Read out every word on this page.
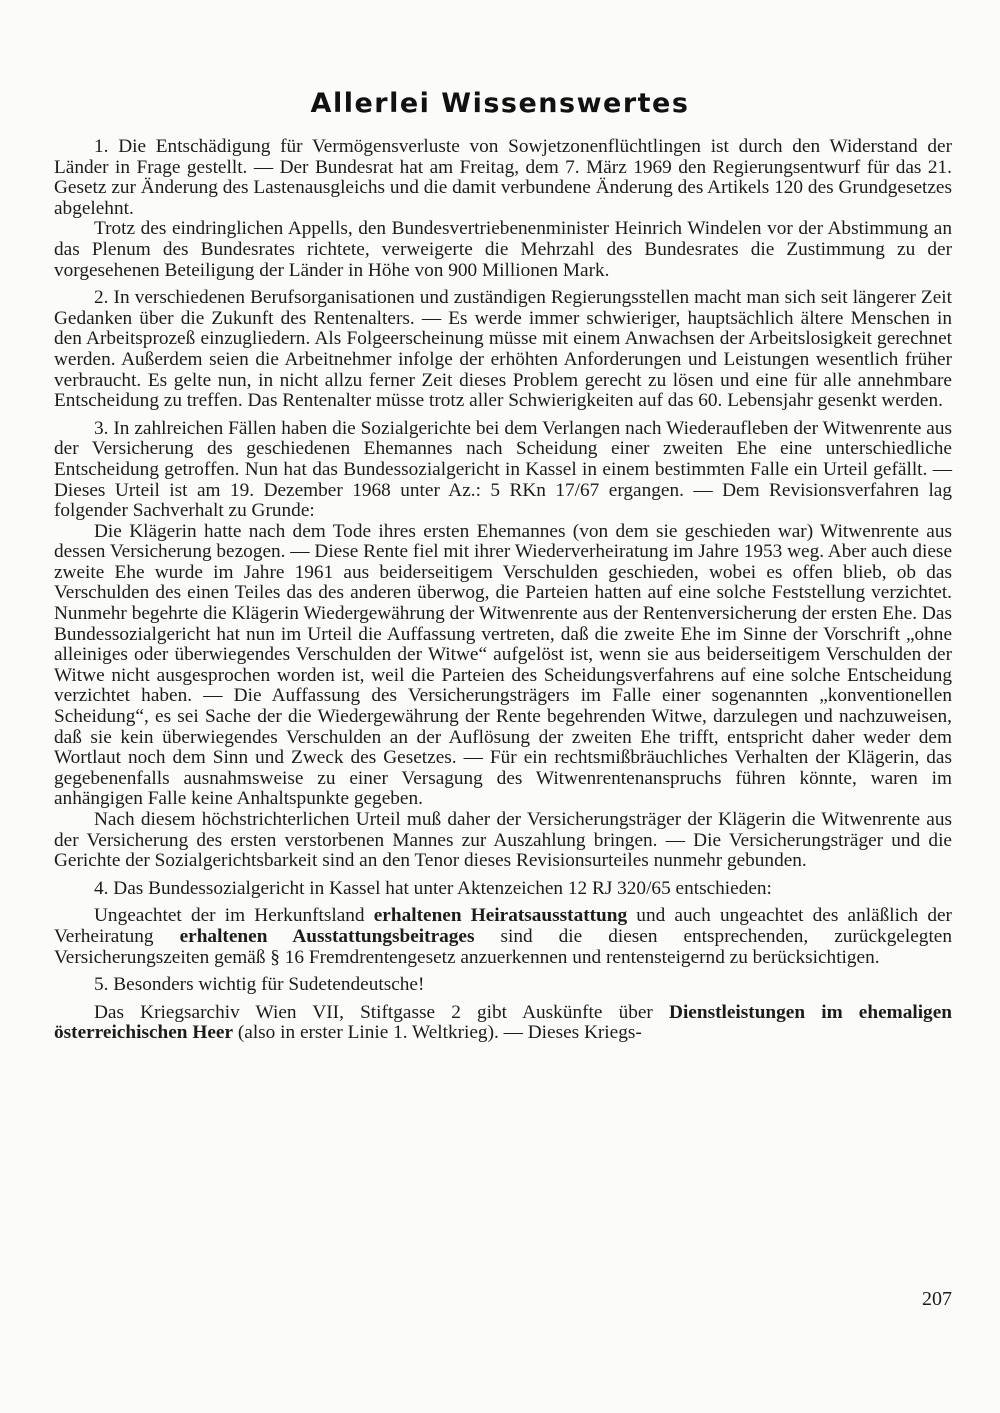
Allerlei Wissenswertes

1. Die Entschädigung für Vermögensverluste von Sowjetzonenflüchtlingen ist durch den Widerstand der Länder in Frage gestellt. — Der Bundesrat hat am Freitag, dem 7. März 1969 den Regierungsentwurf für das 21. Gesetz zur Änderung des Lastenausgleichs und die damit verbundene Änderung des Artikels 120 des Grundgesetzes abgelehnt.

Trotz des eindringlichen Appells, den Bundesvertriebenenminister Heinrich Windelen vor der Abstimmung an das Plenum des Bundesrates richtete, verweigerte die Mehrzahl des Bundesrates die Zustimmung zu der vorgesehenen Beteiligung der Länder in Höhe von 900 Millionen Mark.

2. In verschiedenen Berufsorganisationen und zuständigen Regierungsstellen macht man sich seit längerer Zeit Gedanken über die Zukunft des Rentenalters. — Es werde immer schwieriger, hauptsächlich ältere Menschen in den Arbeitsprozeß einzugliedern. Als Folgeerscheinung müsse mit einem Anwachsen der Arbeitslosigkeit gerechnet werden. Außerdem seien die Arbeitnehmer infolge der erhöhten Anforderungen und Leistungen wesentlich früher verbraucht. Es gelte nun, in nicht allzu ferner Zeit dieses Problem gerecht zu lösen und eine für alle annehmbare Entscheidung zu treffen. Das Rentenalter müsse trotz aller Schwierigkeiten auf das 60. Lebensjahr gesenkt werden.

3. In zahlreichen Fällen haben die Sozialgerichte bei dem Verlangen nach Wiederaufleben der Witwenrente aus der Versicherung des geschiedenen Ehemannes nach Scheidung einer zweiten Ehe eine unterschiedliche Entscheidung getroffen. Nun hat das Bundessozialgericht in Kassel in einem bestimmten Falle ein Urteil gefällt. — Dieses Urteil ist am 19. Dezember 1968 unter Az.: 5 RKn 17/67 ergangen. — Dem Revisionsverfahren lag folgender Sachverhalt zu Grunde:

Die Klägerin hatte nach dem Tode ihres ersten Ehemannes (von dem sie geschieden war) Witwenrente aus dessen Versicherung bezogen. — Diese Rente fiel mit ihrer Wiederverheiratung im Jahre 1953 weg. Aber auch diese zweite Ehe wurde im Jahre 1961 aus beiderseitigem Verschulden geschieden, wobei es offen blieb, ob das Verschulden des einen Teiles das des anderen überwog, die Parteien hatten auf eine solche Feststellung verzichtet. Nunmehr begehrte die Klägerin Wiedergewährung der Witwenrente aus der Rentenversicherung der ersten Ehe. Das Bundessozialgericht hat nun im Urteil die Auffassung vertreten, daß die zweite Ehe im Sinne der Vorschrift „ohne alleiniges oder überwiegendes Verschulden der Witwe“ aufgelöst ist, wenn sie aus beiderseitigem Verschulden der Witwe nicht ausgesprochen worden ist, weil die Parteien des Scheidungsverfahrens auf eine solche Entscheidung verzichtet haben. — Die Auffassung des Versicherungsträgers im Falle einer sogenannten „konventionellen Scheidung“, es sei Sache der die Wiedergewährung der Rente begehrenden Witwe, darzulegen und nachzuweisen, daß sie kein überwiegendes Verschulden an der Auflösung der zweiten Ehe trifft, entspricht daher weder dem Wortlaut noch dem Sinn und Zweck des Gesetzes. — Für ein rechtsmißbräuchliches Verhalten der Klägerin, das gegebenenfalls ausnahmsweise zu einer Versagung des Witwenrentenanspruchs führen könnte, waren im anhängigen Falle keine Anhaltspunkte gegeben.

Nach diesem höchstrichterlichen Urteil muß daher der Versicherungsträger der Klägerin die Witwenrente aus der Versicherung des ersten verstorbenen Mannes zur Auszahlung bringen. — Die Versicherungsträger und die Gerichte der Sozialgerichtsbarkeit sind an den Tenor dieses Revisionsurteiles nunmehr gebunden.

4. Das Bundessozialgericht in Kassel hat unter Aktenzeichen 12 RJ 320/65 entschieden:

Ungeachtet der im Herkunftsland erhaltenen Heiratsausstattung und auch ungeachtet des anläßlich der Verheiratung erhaltenen Ausstattungsbeitrages sind die diesen entsprechenden, zurückgelegten Versicherungszeiten gemäß § 16 Fremdrentengesetz anzuerkennen und rentensteigernd zu berücksichtigen.

5. Besonders wichtig für Sudetendeutsche!

Das Kriegsarchiv Wien VII, Stiftgasse 2 gibt Auskünfte über Dienstleistungen im ehemaligen österreichischen Heer (also in erster Linie 1. Weltkrieg). — Dieses Kriegs-

207
